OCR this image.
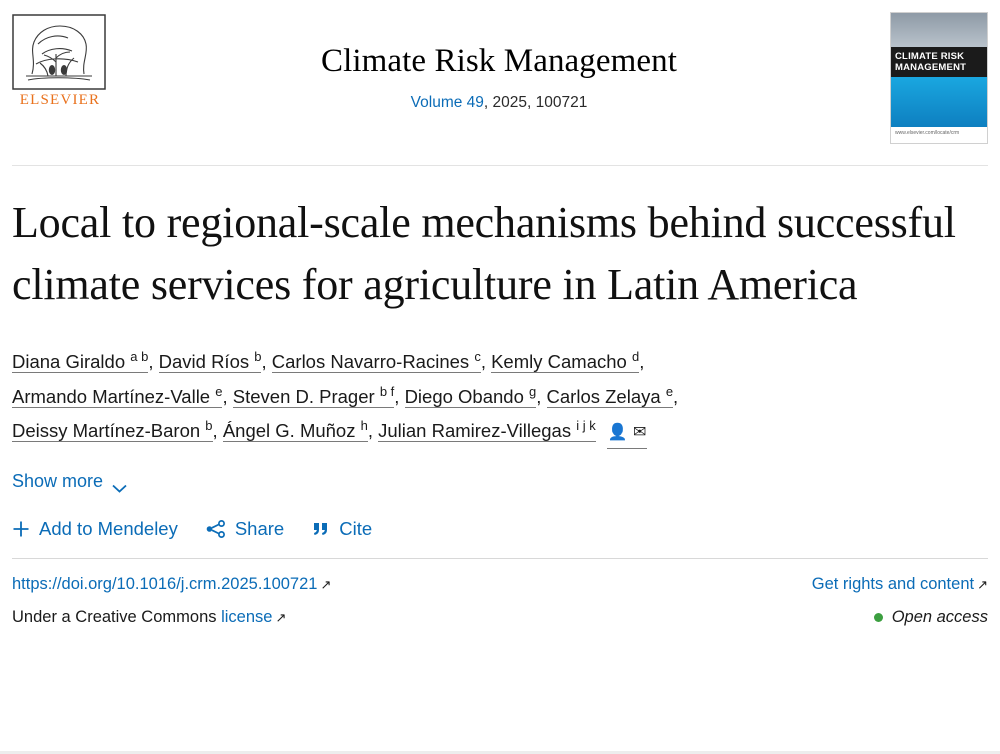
ELSEVIER
Climate Risk Management
Volume 49, 2025, 100721
CLIMATE RISK
MANAGEMENT
www.elsevier.com/locate/crm
Local to regional-scale mechanisms behind successful climate services for agriculture in Latin America
Diana Giraldo $^{a b}$, David Ríos $^b$, Carlos Navarro-Racines $^c$, Kemly Camacho $^d$,
Armando Martínez-Valle $^e$, Steven D. Prager $^{b f}$, Diego Obando $^g$, Carlos Zelaya $^e$,
Deissy Martínez-Baron $^b$, Ángel G. Muñoz $^h$, Julian Ramirez-Villegas $^{i j k}$ 👤 ✉
Show more
Add to Mendeley	Share	Cite
https://doi.org/10.1016/j.crm.2025.100721 ↗	Get rights and content ↗
Under a Creative Commons license ↗	Open access
